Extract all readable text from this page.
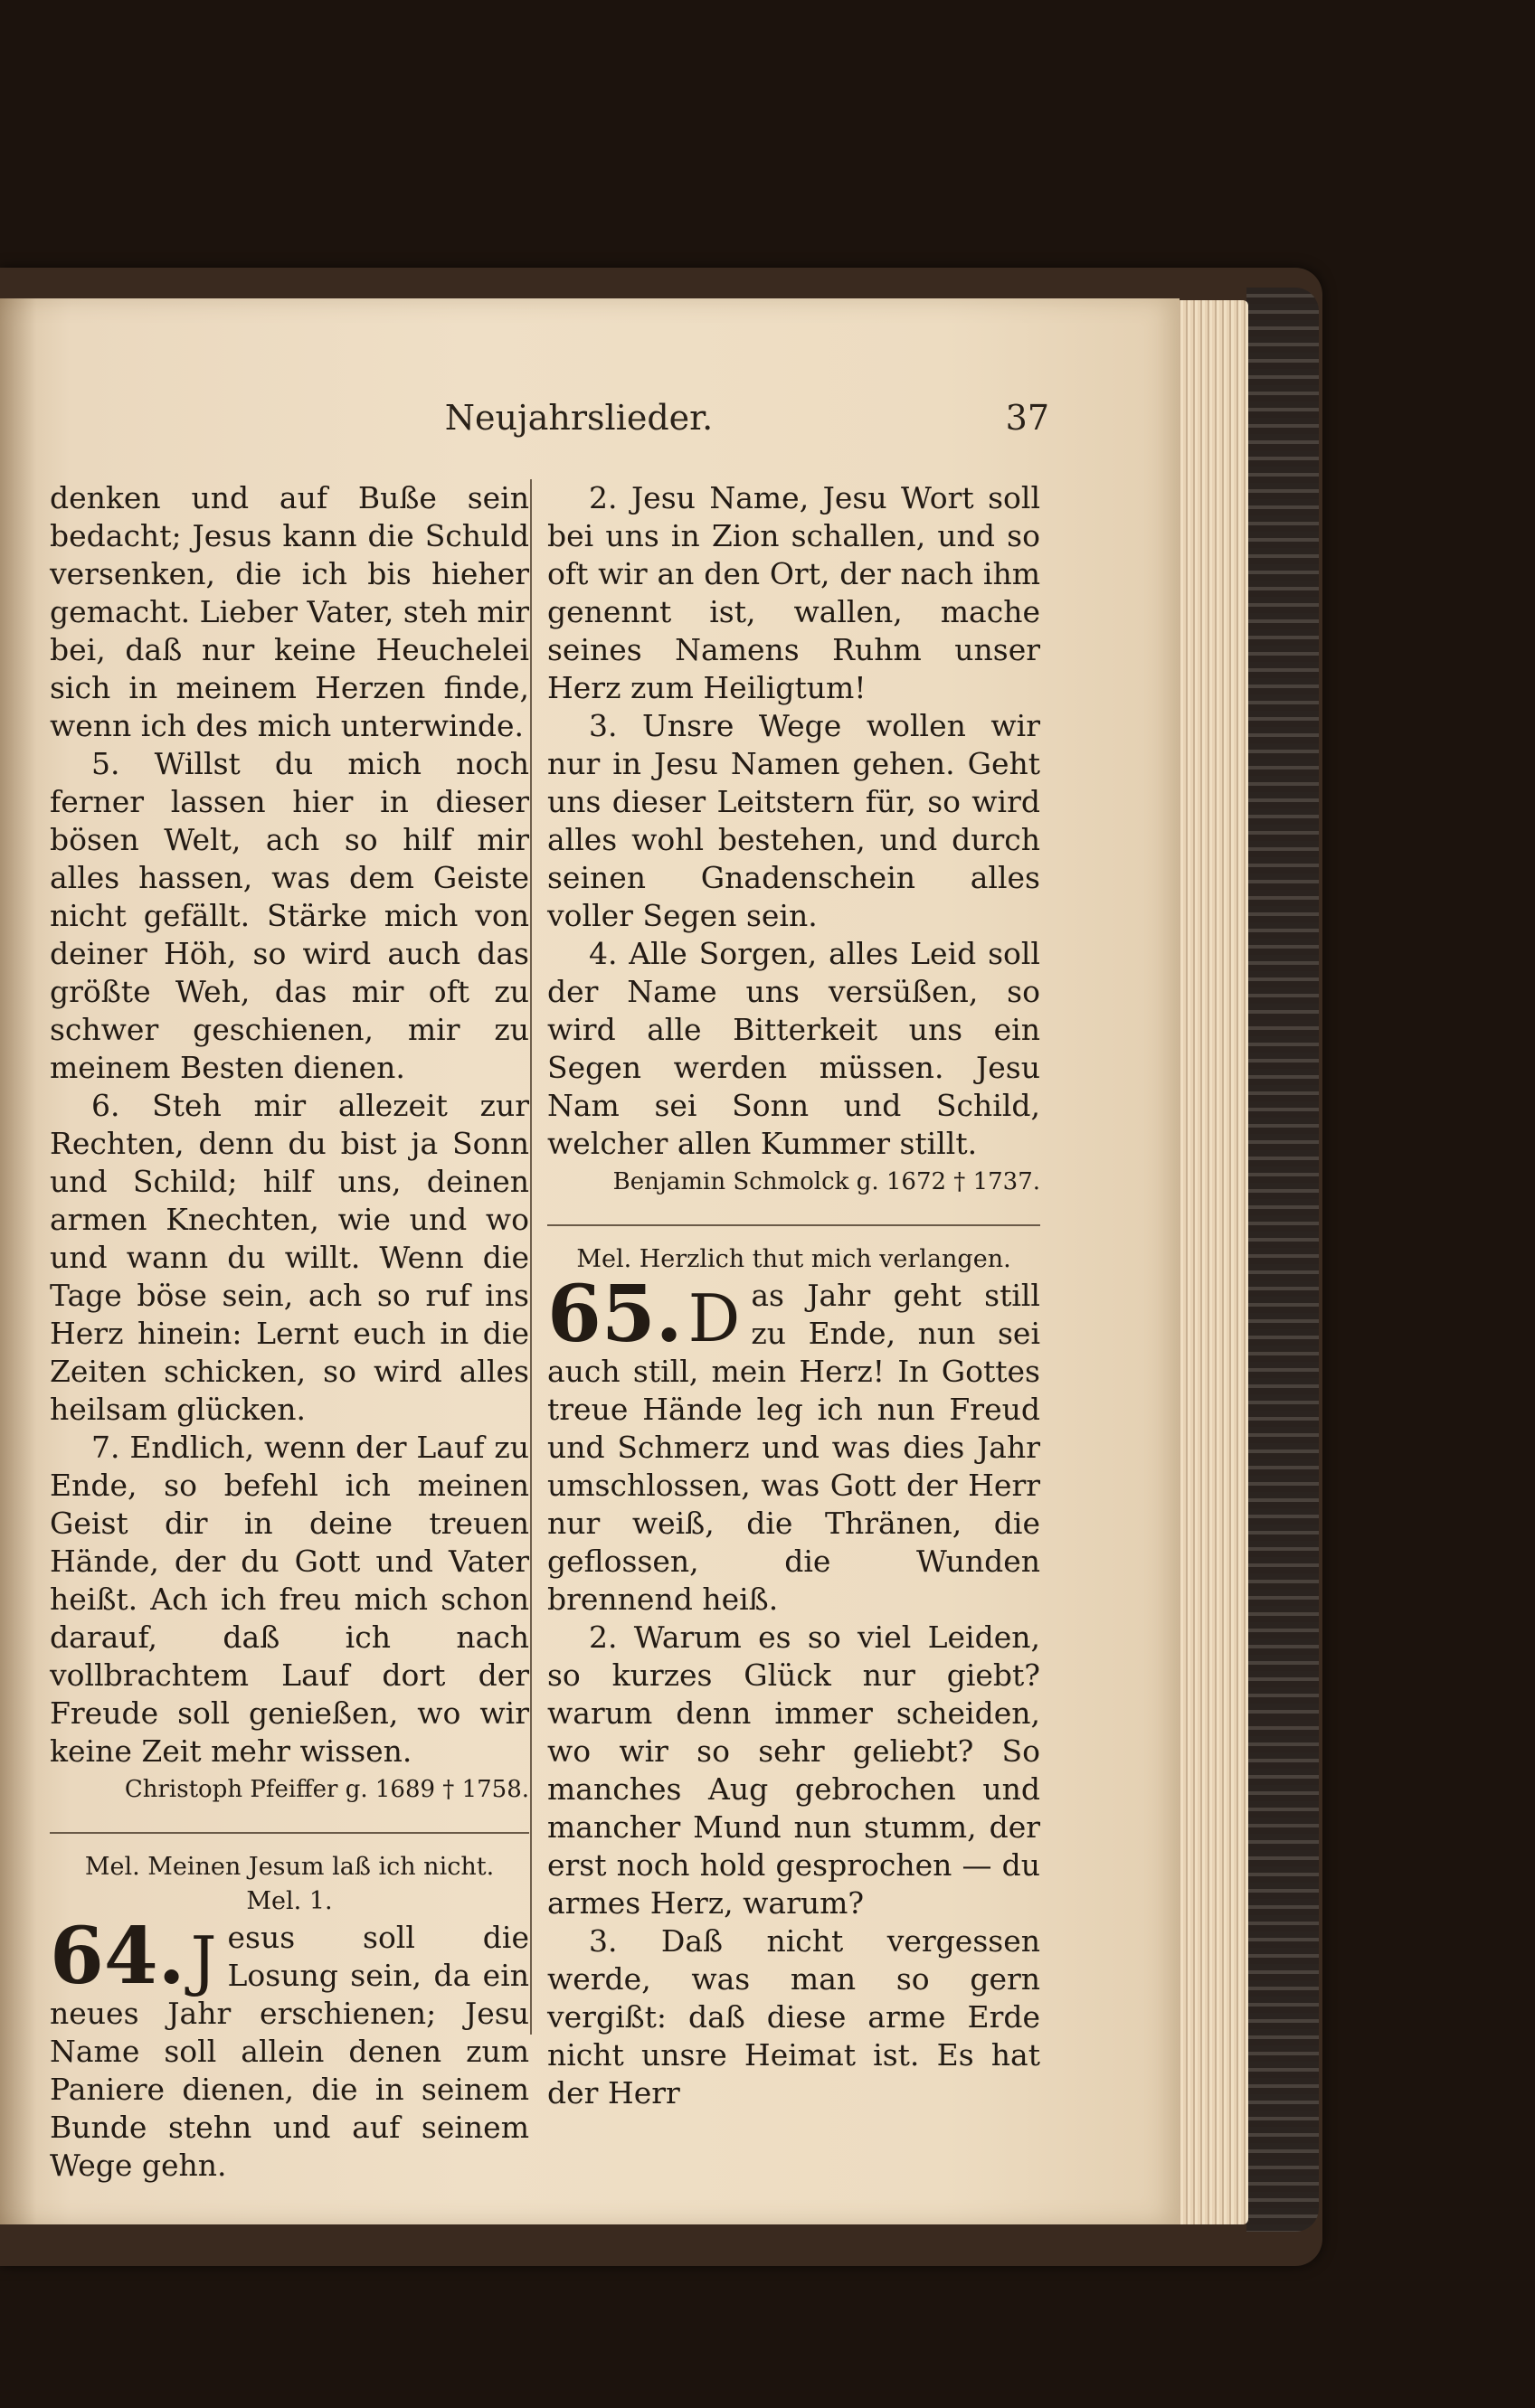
Neujahrslieder.	37

denken und auf Buße sein bedacht; Jesus kann die Schuld versenken, die ich bis hieher gemacht. Lieber Vater, steh mir bei, daß nur keine Heuchelei sich in meinem Herzen finde, wenn ich des mich unterwinde.

5. Willst du mich noch ferner lassen hier in dieser bösen Welt, ach so hilf mir alles hassen, was dem Geiste nicht gefällt. Stärke mich von deiner Höh, so wird auch das größte Weh, das mir oft zu schwer geschienen, mir zu meinem Besten dienen.

6. Steh mir allezeit zur Rechten, denn du bist ja Sonn und Schild; hilf uns, deinen armen Knechten, wie und wo und wann du willt. Wenn die Tage böse sein, ach so ruf ins Herz hinein: Lernt euch in die Zeiten schicken, so wird alles heilsam glücken.

7. Endlich, wenn der Lauf zu Ende, so befehl ich meinen Geist dir in deine treuen Hände, der du Gott und Vater heißt. Ach ich freu mich schon darauf, daß ich nach vollbrachtem Lauf dort der Freude soll genießen, wo wir keine Zeit mehr wissen.

Christoph Pfeiffer g. 1689 † 1758.

Mel. Meinen Jesum laß ich nicht.

Mel. 1.

64.J esus soll die Losung sein, da ein neues Jahr erschienen; Jesu Name soll allein denen zum Paniere dienen, die in seinem Bunde stehn und auf seinem Wege gehn.

2. Jesu Name, Jesu Wort soll bei uns in Zion schallen, und so oft wir an den Ort, der nach ihm genennt ist, wallen, mache seines Namens Ruhm unser Herz zum Heiligtum!

3. Unsre Wege wollen wir nur in Jesu Namen gehen. Geht uns dieser Leitstern für, so wird alles wohl bestehen, und durch seinen Gnadenschein alles voller Segen sein.

4. Alle Sorgen, alles Leid soll der Name uns versüßen, so wird alle Bitterkeit uns ein Segen werden müssen. Jesu Nam sei Sonn und Schild, welcher allen Kummer stillt.

Benjamin Schmolck g. 1672 † 1737.

Mel. Herzlich thut mich verlangen.

65.D as Jahr geht still zu Ende, nun sei auch still, mein Herz! In Gottes treue Hände leg ich nun Freud und Schmerz und was dies Jahr umschlossen, was Gott der Herr nur weiß, die Thränen, die geflossen, die Wunden brennend heiß.

2. Warum es so viel Leiden, so kurzes Glück nur giebt? warum denn immer scheiden, wo wir so sehr geliebt? So manches Aug gebrochen und mancher Mund nun stumm, der erst noch hold gesprochen — du armes Herz, warum?

3. Daß nicht vergessen werde, was man so gern vergißt: daß diese arme Erde nicht unsre Heimat ist. Es hat der Herr
